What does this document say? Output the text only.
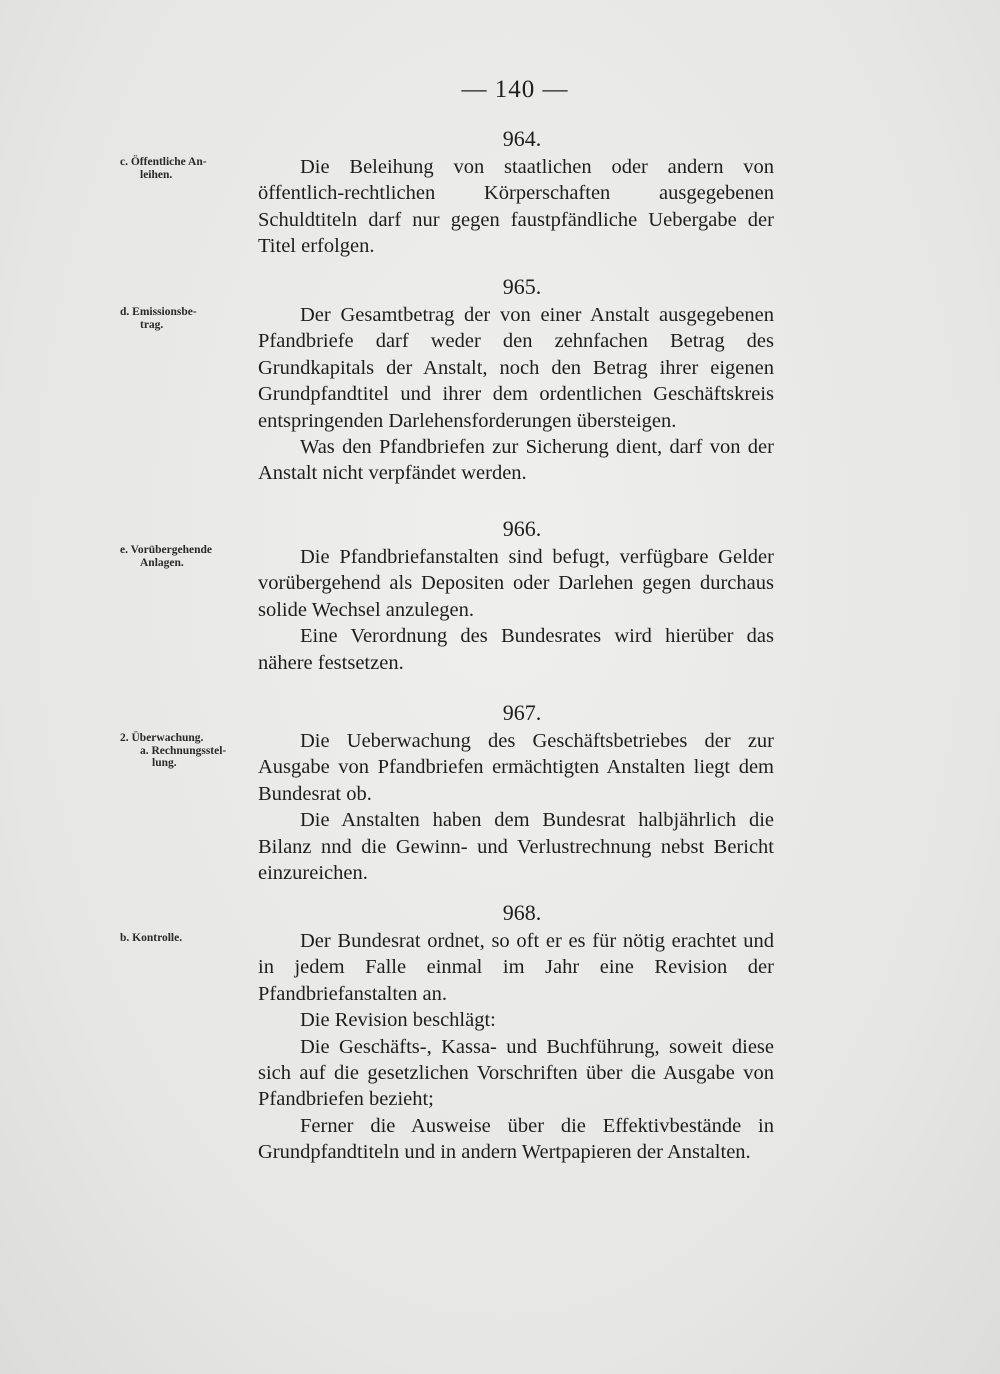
— 140 —
c. Öffentliche An-
leihen.
964.

Die Beleihung von staatlichen oder andern von öffentlich-rechtlichen Körperschaften ausgegebenen Schuldtiteln darf nur gegen faustpfändliche Uebergabe der Titel erfolgen.

d. Emissionsbe-
trag.
965.

Der Gesamtbetrag der von einer Anstalt ausgegebenen Pfandbriefe darf weder den zehnfachen Betrag des Grundkapitals der Anstalt, noch den Betrag ihrer eigenen Grundpfandtitel und ihrer dem ordentlichen Geschäftskreis entspringenden Darlehensforderungen übersteigen.

Was den Pfandbriefen zur Sicherung dient, darf von der Anstalt nicht verpfändet werden.

e. Vorübergehende
Anlagen.
966.

Die Pfandbriefanstalten sind befugt, verfügbare Gelder vorübergehend als Depositen oder Darlehen gegen durchaus solide Wechsel anzulegen.

Eine Verordnung des Bundesrates wird hierüber das nähere festsetzen.

2. Überwachung.
a. Rechnungsstel-
lung.
967.

Die Ueberwachung des Geschäftsbetriebes der zur Ausgabe von Pfandbriefen ermächtigten Anstalten liegt dem Bundesrat ob.

Die Anstalten haben dem Bundesrat halbjährlich die Bilanz nnd die Gewinn- und Verlustrechnung nebst Bericht einzureichen.

b. Kontrolle.
968.

Der Bundesrat ordnet, so oft er es für nötig erachtet und in jedem Falle einmal im Jahr eine Revision der Pfandbriefanstalten an.

Die Revision beschlägt:

Die Geschäfts-, Kassa- und Buchführung, soweit diese sich auf die gesetzlichen Vorschriften über die Ausgabe von Pfandbriefen bezieht;

Ferner die Ausweise über die Effektivbestände in Grundpfandtiteln und in andern Wertpapieren der Anstalten.
